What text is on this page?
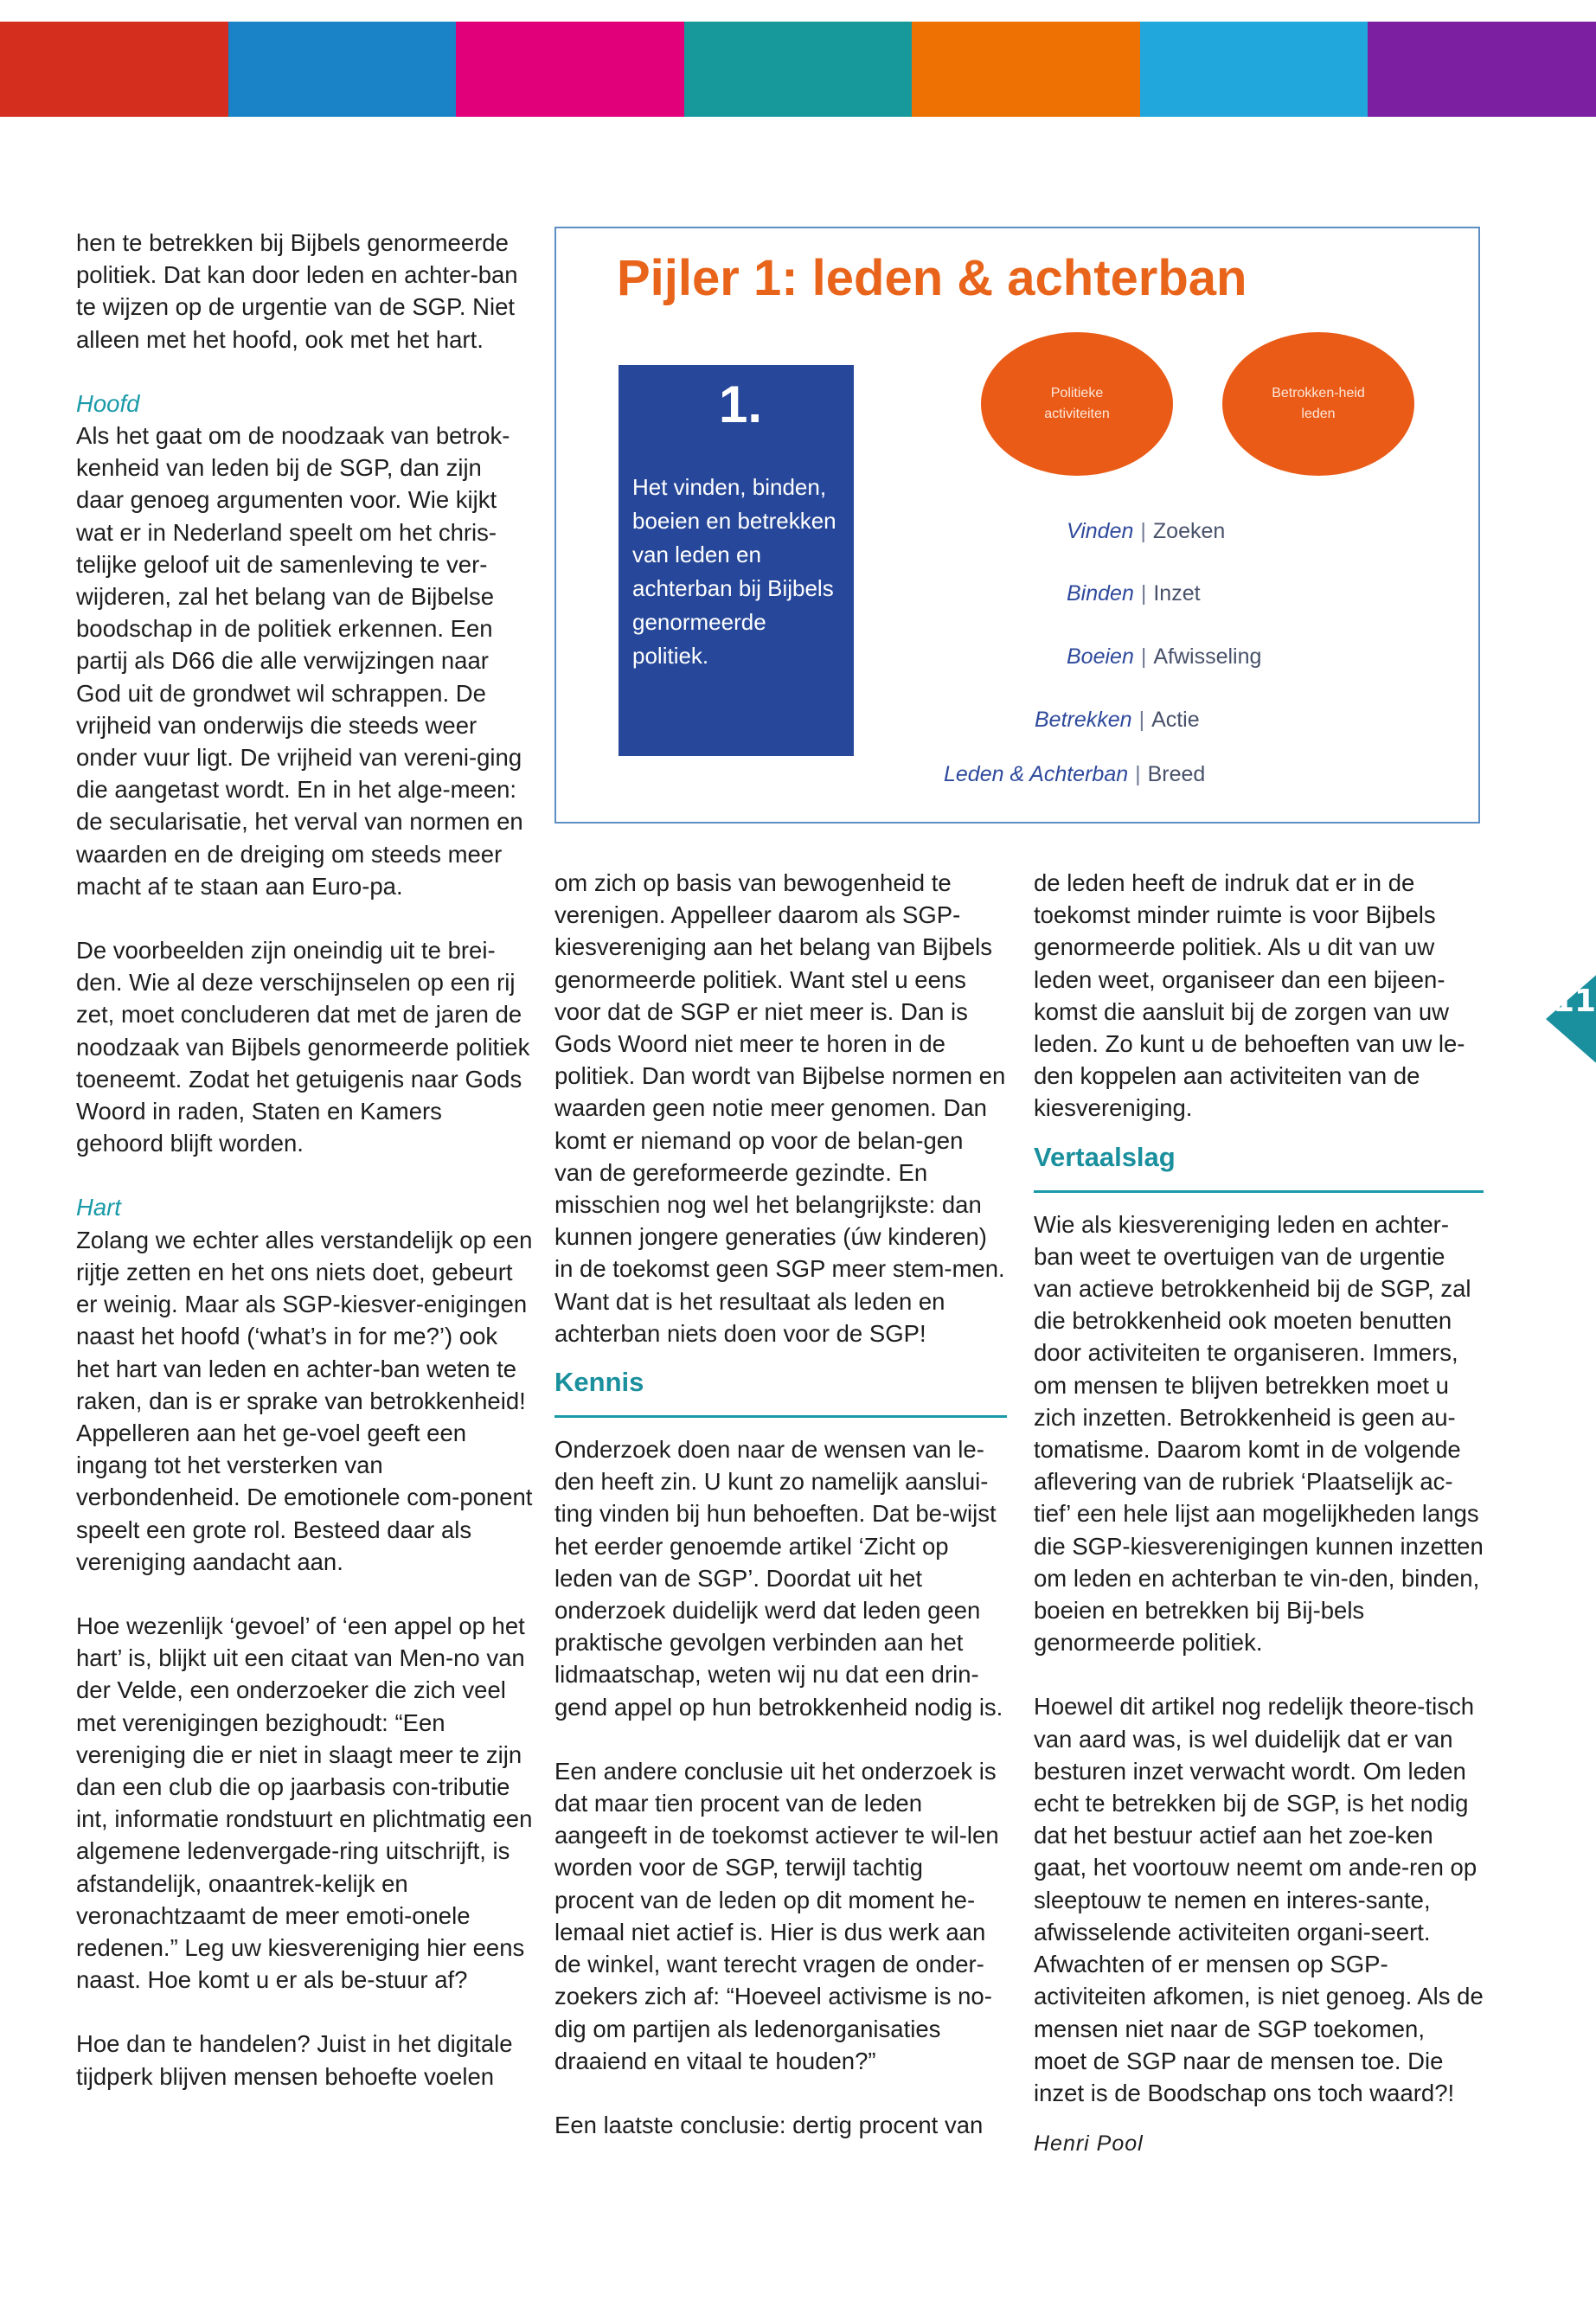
hen te betrekken bij Bijbels genormeerde politiek. Dat kan door leden en achter-ban te wijzen op de urgentie van de SGP. Niet alleen met het hoofd, ook met het hart.

Hoofd

Als het gaat om de noodzaak van betrok-kenheid van leden bij de SGP, dan zijn daar genoeg argumenten voor. Wie kijkt wat er in Nederland speelt om het chris-telijke geloof uit de samenleving te ver-wijderen, zal het belang van de Bijbelse boodschap in de politiek erkennen. Een partij als D66 die alle verwijzingen naar God uit de grondwet wil schrappen. De vrijheid van onderwijs die steeds weer onder vuur ligt. De vrijheid van vereni-ging die aangetast wordt. En in het alge-meen: de secularisatie, het verval van normen en waarden en de dreiging om steeds meer macht af te staan aan Euro-pa.

De voorbeelden zijn oneindig uit te brei-den. Wie al deze verschijnselen op een rij zet, moet concluderen dat met de jaren de noodzaak van Bijbels genormeerde politiek toeneemt. Zodat het getuigenis naar Gods Woord in raden, Staten en Kamers gehoord blijft worden.

Hart

Zolang we echter alles verstandelijk op een rijtje zetten en het ons niets doet, gebeurt er weinig. Maar als SGP-kiesver-enigingen naast het hoofd (‘what’s in for me?’) ook het hart van leden en achter-ban weten te raken, dan is er sprake van betrokkenheid! Appelleren aan het ge-voel geeft een ingang tot het versterken van verbondenheid. De emotionele com-ponent speelt een grote rol. Besteed daar als vereniging aandacht aan.

Hoe wezenlijk ‘gevoel’ of ‘een appel op het hart’ is, blijkt uit een citaat van Men-no van der Velde, een onderzoeker die zich veel met verenigingen bezighoudt: “Een vereniging die er niet in slaagt meer te zijn dan een club die op jaarbasis con-tributie int, informatie rondstuurt en plichtmatig een algemene ledenvergade-ring uitschrijft, is afstandelijk, onaantrek-kelijk en veronachtzaamt de meer emoti-onele redenen.” Leg uw kiesvereniging hier eens naast. Hoe komt u er als be-stuur af?

Hoe dan te handelen? Juist in het digitale tijdperk blijven mensen behoefte voelen

Pijler 1: leden & achterban
1.
Het vinden, binden, boeien en betrekken van leden en achterban bij Bijbels genormeerde politiek.
Politieke activiteiten
Betrokken-heid leden
Vinden | Zoeken
Binden | Inzet
Boeien | Afwisseling
Betrekken | Actie
Leden & Achterban | Breed

om zich op basis van bewogenheid te verenigen. Appelleer daarom als SGP-kiesvereniging aan het belang van Bijbels genormeerde politiek. Want stel u eens voor dat de SGP er niet meer is. Dan is Gods Woord niet meer te horen in de politiek. Dan wordt van Bijbelse normen en waarden geen notie meer genomen. Dan komt er niemand op voor de belan-gen van de gereformeerde gezindte. En misschien nog wel het belangrijkste: dan kunnen jongere generaties (úw kinderen) in de toekomst geen SGP meer stem-men. Want dat is het resultaat als leden en achterban niets doen voor de SGP!

Kennis

Onderzoek doen naar de wensen van le-den heeft zin. U kunt zo namelijk aanslui-ting vinden bij hun behoeften. Dat be-wijst het eerder genoemde artikel ‘Zicht op leden van de SGP’. Doordat uit het onderzoek duidelijk werd dat leden geen praktische gevolgen verbinden aan het lidmaatschap, weten wij nu dat een drin-gend appel op hun betrokkenheid nodig is.

Een andere conclusie uit het onderzoek is dat maar tien procent van de leden aangeeft in de toekomst actiever te wil-len worden voor de SGP, terwijl tachtig procent van de leden op dit moment he-lemaal niet actief is. Hier is dus werk aan de winkel, want terecht vragen de onder-zoekers zich af: “Hoeveel activisme is no-dig om partijen als ledenorganisaties draaiend en vitaal te houden?”

Een laatste conclusie: dertig procent van

de leden heeft de indruk dat er in de toekomst minder ruimte is voor Bijbels genormeerde politiek. Als u dit van uw leden weet, organiseer dan een bijeen-komst die aansluit bij de zorgen van uw leden. Zo kunt u de behoeften van uw le-den koppelen aan activiteiten van de kiesvereniging.

Vertaalslag

Wie als kiesvereniging leden en achter-ban weet te overtuigen van de urgentie van actieve betrokkenheid bij de SGP, zal die betrokkenheid ook moeten benutten door activiteiten te organiseren. Immers, om mensen te blijven betrekken moet u zich inzetten. Betrokkenheid is geen au-tomatisme. Daarom komt in de volgende aflevering van de rubriek ‘Plaatselijk ac-tief’ een hele lijst aan mogelijkheden langs die SGP-kiesverenigingen kunnen inzetten om leden en achterban te vin-den, binden, boeien en betrekken bij Bij-bels genormeerde politiek.

Hoewel dit artikel nog redelijk theore-tisch van aard was, is wel duidelijk dat er van besturen inzet verwacht wordt. Om leden echt te betrekken bij de SGP, is het nodig dat het bestuur actief aan het zoe-ken gaat, het voortouw neemt om ande-ren op sleeptouw te nemen en interes-sante, afwisselende activiteiten organi-seert. Afwachten of er mensen op SGP-activiteiten afkomen, is niet genoeg. Als de mensen niet naar de SGP toekomen, moet de SGP naar de mensen toe. Die inzet is de Boodschap ons toch waard?!

Henri Pool

11
